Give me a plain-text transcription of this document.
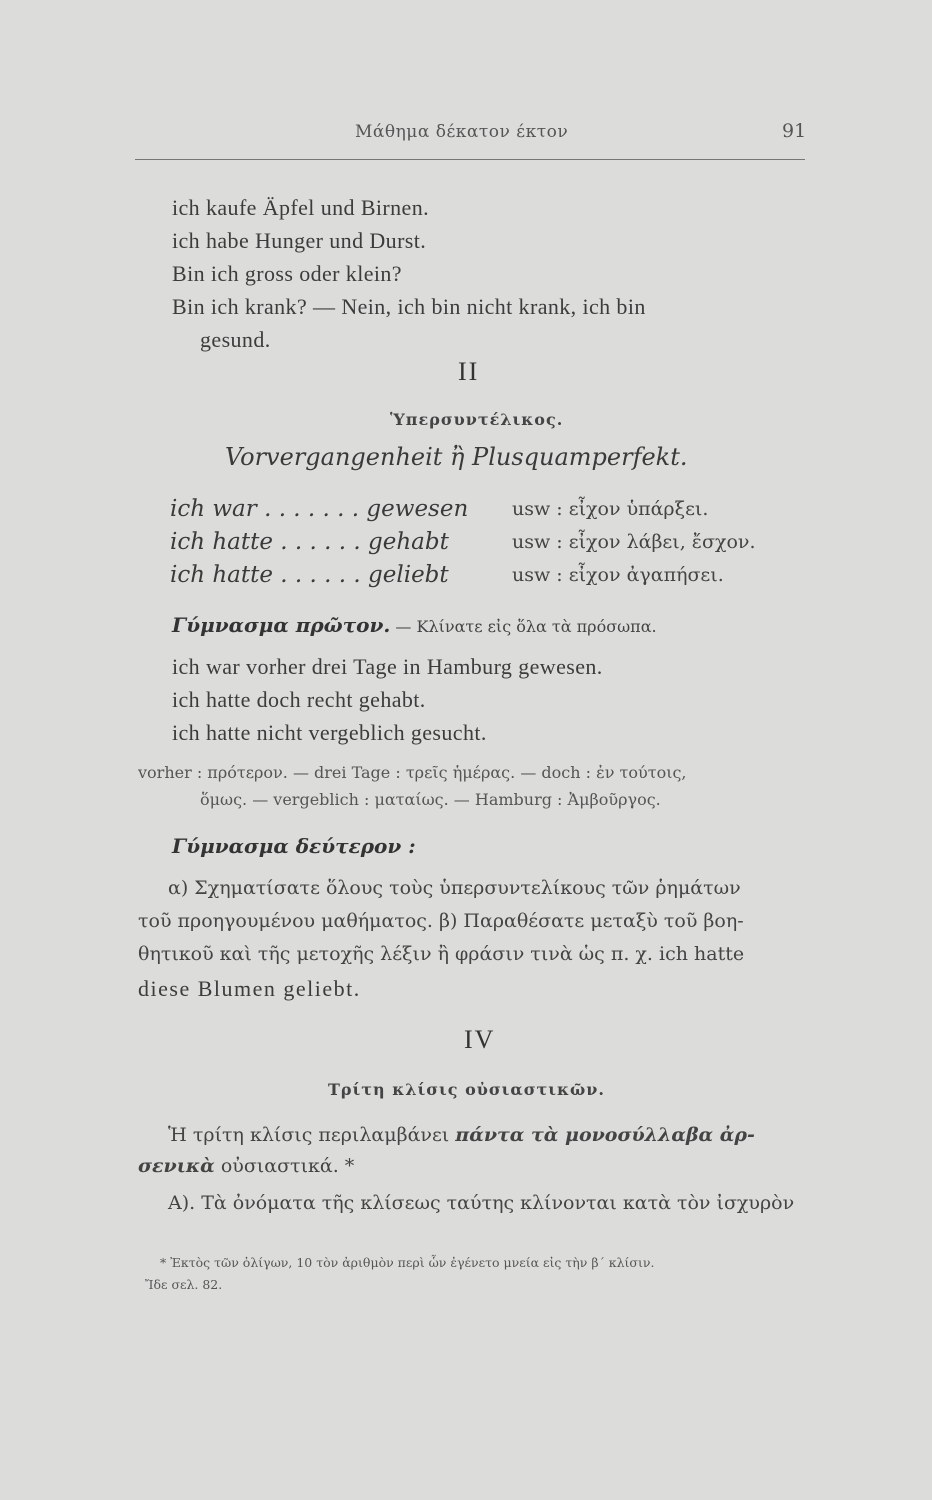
Μάθημα δέκατον έκτον	91
ich kaufe Äpfel und Birnen.
ich habe Hunger und Durst.
Bin ich gross oder klein?
Bin ich krank? — Nein, ich bin nicht krank, ich bin
gesund.
II
Ὑπερσυντέλικος.
Vorvergangenheit ἢ Plusquamperfekt.
ich war . . . . . . . gewesen usw : εἶχον ὑπάρξει.
ich hatte . . . . . . gehabt	usw : εἶχον λάβει, ἔσχον.
ich hatte . . . . . . geliebt	usw : εἶχον ἀγαπήσει.
Γύμνασμα πρῶτον. — Κλίνατε εἰς ὅλα τὰ πρόσωπα.
ich war vorher drei Tage in Hamburg gewesen.
ich hatte doch recht gehabt.
ich hatte nicht vergeblich gesucht.
vorher : πρότερον. — drei Tage : τρεῖς ἡμέρας. — doch : ἐν τούτοις,
ὅμως. — vergeblich : ματαίως. — Hamburg : Ἀμβοῦργος.
Γύμνασμα δεύτερον :
α) Σχηματίσατε ὅλους τοὺς ὑπερσυντελίκους τῶν ῥημάτων
τοῦ προηγουμένου μαθήματος. β) Παραθέσατε μεταξὺ τοῦ βοη-
θητικοῦ καὶ τῆς μετοχῆς λέξιν ἢ φράσιν τινὰ ὡς π. χ. ich hatte
diese Blumen geliebt.
IV
Τρίτη κλίσις οὐσιαστικῶν.
Ἡ τρίτη κλίσις περιλαμβάνει πάντα τὰ μονοσύλλαβα ἀρ-
σενικὰ οὐσιαστικά. *
A). Τὰ ὀνόματα τῆς κλίσεως ταύτης κλίνονται κατὰ τὸν ἰσχυρὸν
* Ἐκτὸς τῶν ὀλίγων, 10 τὸν ἀριθμὸν περὶ ὧν ἐγένετο μνεία εἰς τὴν β΄ κλίσιν.
Ἴδε σελ. 82.
